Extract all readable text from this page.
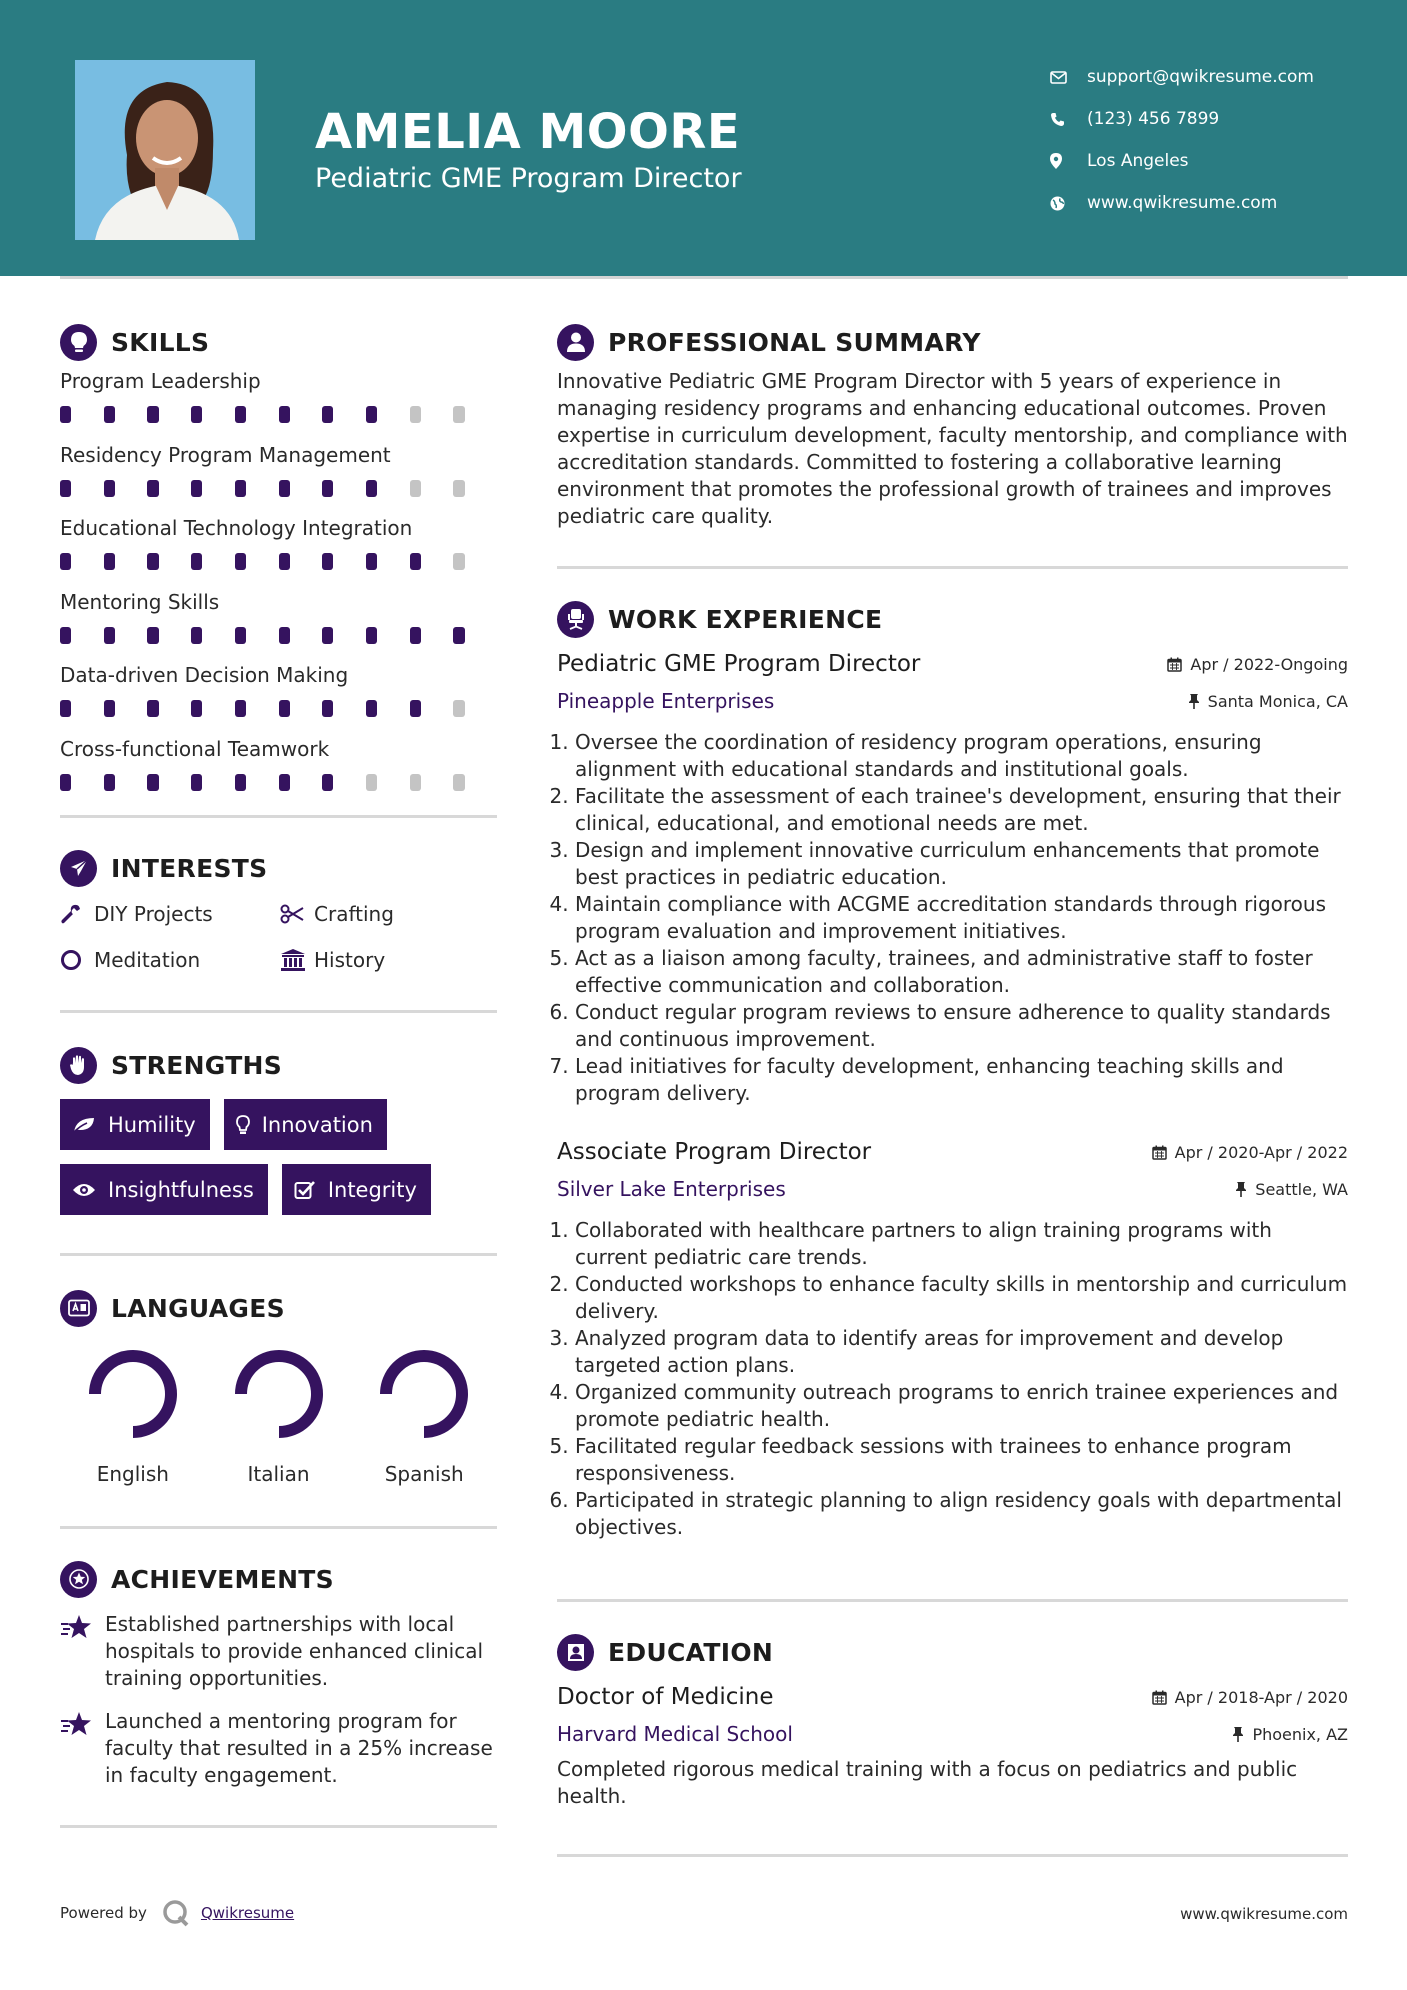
AMELIA MOORE
Pediatric GME Program Director
support@qwikresume.com
(123) 456 7899
Los Angeles
www.qwikresume.com
SKILLS
Program Leadership
Residency Program Management
Educational Technology Integration
Mentoring Skills
Data-driven Decision Making
Cross-functional Teamwork
INTERESTS
DIY Projects	Crafting
Meditation	History
STRENGTHS
Humility	Innovation
Insightfulness	Integrity
LANGUAGES
English	Italian	Spanish
ACHIEVEMENTS
Established partnerships with local hospitals to provide enhanced clinical training opportunities.
Launched a mentoring program for faculty that resulted in a 25% increase in faculty engagement.
PROFESSIONAL SUMMARY
Innovative Pediatric GME Program Director with 5 years of experience in managing residency programs and enhancing educational outcomes. Proven expertise in curriculum development, faculty mentorship, and compliance with accreditation standards. Committed to fostering a collaborative learning environment that promotes the professional growth of trainees and improves pediatric care quality.
WORK EXPERIENCE
Pediatric GME Program Director	Apr / 2022-Ongoing
Pineapple Enterprises	Santa Monica, CA
1. Oversee the coordination of residency program operations, ensuring alignment with educational standards and institutional goals.
2. Facilitate the assessment of each trainee's development, ensuring that their clinical, educational, and emotional needs are met.
3. Design and implement innovative curriculum enhancements that promote best practices in pediatric education.
4. Maintain compliance with ACGME accreditation standards through rigorous program evaluation and improvement initiatives.
5. Act as a liaison among faculty, trainees, and administrative staff to foster effective communication and collaboration.
6. Conduct regular program reviews to ensure adherence to quality standards and continuous improvement.
7. Lead initiatives for faculty development, enhancing teaching skills and program delivery.
Associate Program Director	Apr / 2020-Apr / 2022
Silver Lake Enterprises	Seattle, WA
1. Collaborated with healthcare partners to align training programs with current pediatric care trends.
2. Conducted workshops to enhance faculty skills in mentorship and curriculum delivery.
3. Analyzed program data to identify areas for improvement and develop targeted action plans.
4. Organized community outreach programs to enrich trainee experiences and promote pediatric health.
5. Facilitated regular feedback sessions with trainees to enhance program responsiveness.
6. Participated in strategic planning to align residency goals with departmental objectives.
EDUCATION
Doctor of Medicine	Apr / 2018-Apr / 2020
Harvard Medical School	Phoenix, AZ
Completed rigorous medical training with a focus on pediatrics and public health.
Powered by	Qwikresume	www.qwikresume.com
